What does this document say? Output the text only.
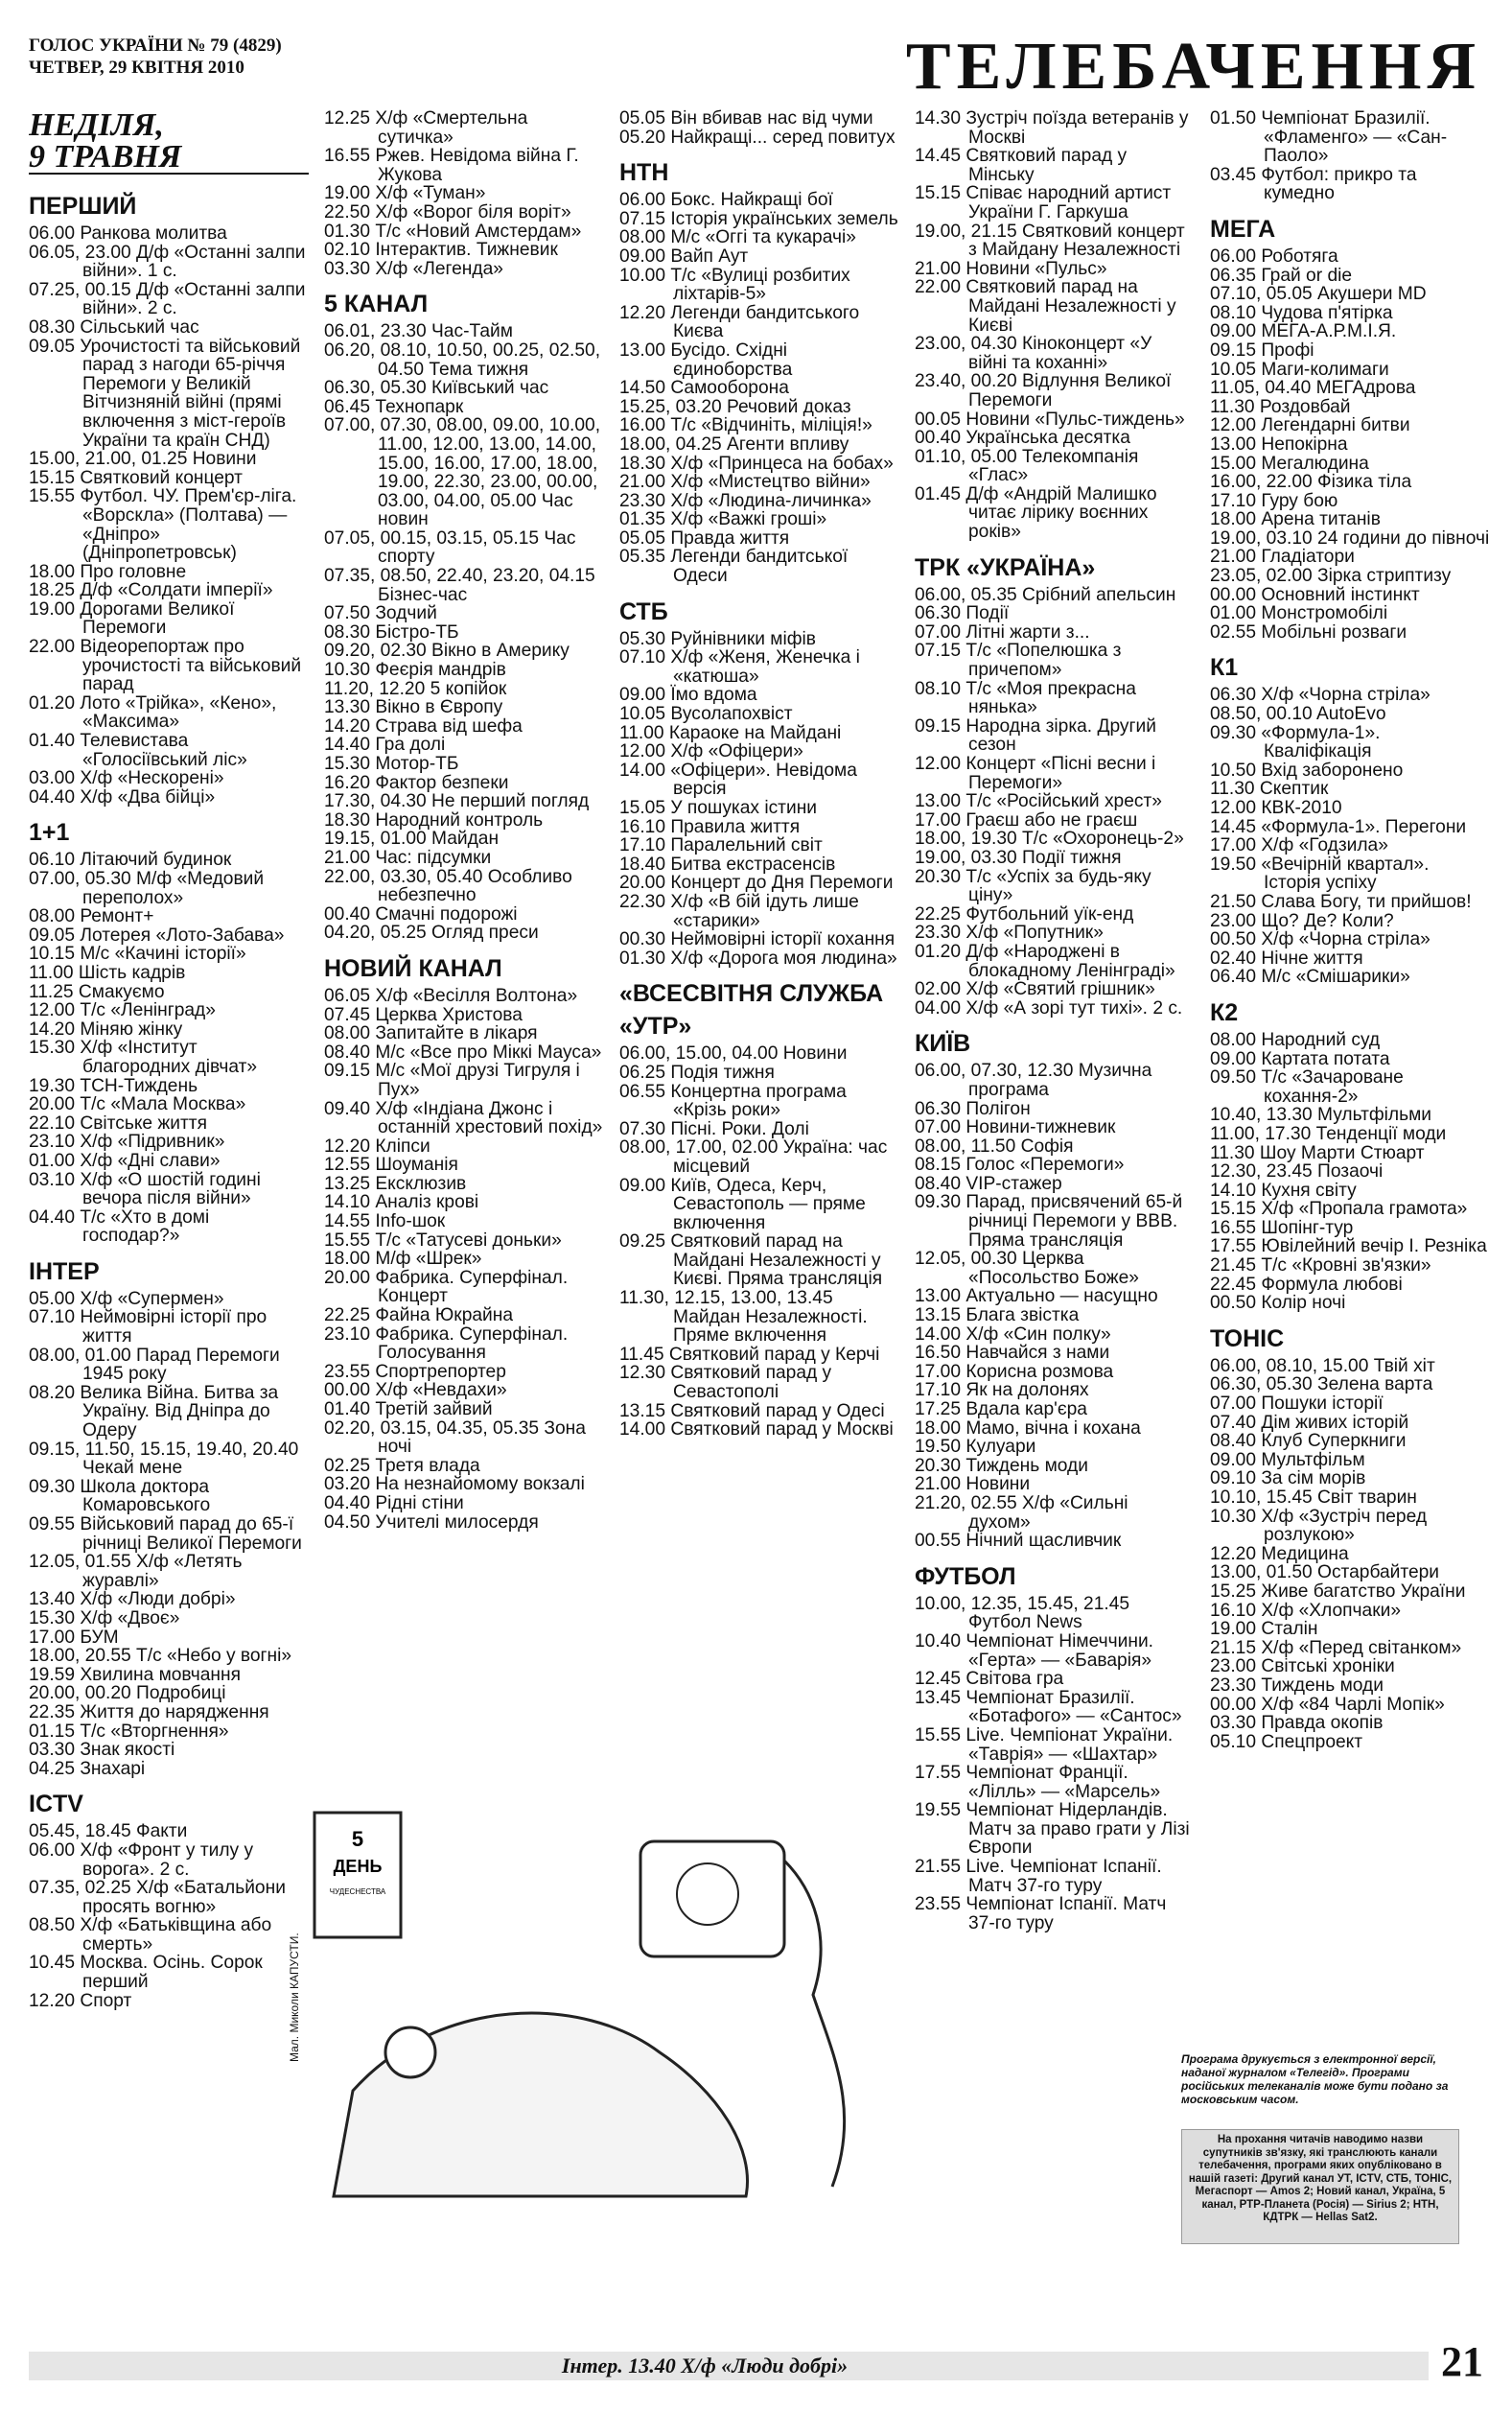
ГОЛОС УКРАЇНИ № 79 (4829)
ЧЕТВЕР, 29 КВІТНЯ 2010	ТЕЛЕБАЧЕННЯ
НЕДІЛЯ,
9 ТРАВНЯ
ПЕРШИЙ
06.00 Ранкова молитва
06.05, 23.00 Д/ф «Останні залпи війни». 1 с.
07.25, 00.15 Д/ф «Останні залпи війни». 2 с.
08.30 Сільський час
09.05 Урочистості та військовий парад з нагоди 65-річчя Перемоги у Великій Вітчизняній війні (прямі включення з міст-героїв України та країн СНД)
15.00, 21.00, 01.25 Новини
15.15 Святковий концерт
15.55 Футбол. ЧУ. Прем'єр-ліга. «Ворскла» (Полтава) — «Дніпро» (Дніпропетровськ)
18.00 Про головне
18.25 Д/ф «Солдати імперії»
19.00 Дорогами Великої Перемоги
22.00 Відеорепортаж про урочистості та військовий парад
01.20 Лото «Трійка», «Кено», «Максима»
01.40 Телевистава «Голосіївський ліс»
03.00 Х/ф «Нескорені»
04.40 Х/ф «Два бійці»
1+1
06.10 Літаючий будинок
07.00, 05.30 М/ф «Медовий переполох»
08.00 Ремонт+
09.05 Лотерея «Лото-Забава»
10.15 М/с «Качині історії»
11.00 Шість кадрів
11.25 Смакуємо
12.00 Т/с «Ленінград»
14.20 Міняю жінку
15.30 Х/ф «Інститут благородних дівчат»
19.30 ТСН-Тиждень
20.00 Т/с «Мала Москва»
22.10 Світське життя
23.10 Х/ф «Підривник»
01.00 Х/ф «Дні слави»
03.10 Х/ф «О шостій годині вечора після війни»
04.40 Т/с «Хто в домі господар?»
ІНТЕР
05.00 Х/ф «Супермен»
07.10 Неймовірні історії про життя
08.00, 01.00 Парад Перемоги 1945 року
08.20 Велика Війна. Битва за Україну. Від Дніпра до Одеру
09.15, 11.50, 15.15, 19.40, 20.40 Чекай мене
09.30 Школа доктора Комаровського
09.55 Військовий парад до 65-ї річниці Великої Перемоги
12.05, 01.55 Х/ф «Летять журавлі»
13.40 Х/ф «Люди добрі»
15.30 Х/ф «Двоє»
17.00 БУМ
18.00, 20.55 Т/с «Небо у вогні»
19.59 Хвилина мовчання
20.00, 00.20 Подробиці
22.35 Життя до нарядження
01.15 Т/с «Вторгнення»
03.30 Знак якості
04.25 Знахарі
ICTV
05.45, 18.45 Факти
06.00 Х/ф «Фронт у тилу у ворога». 2 с.
07.35, 02.25 Х/ф «Батальйони просять вогню»
08.50 Х/ф «Батьківщина або смерть»
10.45 Москва. Осінь. Сорок перший
12.20 Спорт
12.25 Х/ф «Смертельна сутичка»
16.55 Ржев. Невідома війна Г. Жукова
19.00 Х/ф «Туман»
22.50 Х/ф «Ворог біля воріт»
01.30 Т/с «Новий Амстердам»
02.10 Інтерактив. Тижневик
03.30 Х/ф «Легенда»
5 КАНАЛ
06.01, 23.30 Час-Тайм
06.20, 08.10, 10.50, 00.25, 02.50, 04.50 Тема тижня
06.30, 05.30 Київський час
06.45 Технопарк
07.00, 07.30, 08.00, 09.00, 10.00, 11.00, 12.00, 13.00, 14.00, 15.00, 16.00, 17.00, 18.00, 19.00, 22.30, 23.00, 00.00, 03.00, 04.00, 05.00 Час новин
07.05, 00.15, 03.15, 05.15 Час спорту
07.35, 08.50, 22.40, 23.20, 04.15 Бізнес-час
07.50 Зодчий
08.30 Бістро-ТБ
09.20, 02.30 Вікно в Америку
10.30 Феєрія мандрів
11.20, 12.20 5 копійок
13.30 Вікно в Європу
14.20 Страва від шефа
14.40 Гра долі
15.30 Мотор-ТБ
16.20 Фактор безпеки
17.30, 04.30 Не перший погляд
18.30 Народний контроль
19.15, 01.00 Майдан
21.00 Час: підсумки
22.00, 03.30, 05.40 Особливо небезпечно
00.40 Смачні подорожі
04.20, 05.25 Огляд преси
НОВИЙ КАНАЛ
06.05 Х/ф «Весілля Волтона»
07.45 Церква Христова
08.00 Запитайте в лікаря
08.40 М/с «Все про Міккі Мауса»
09.15 М/с «Мої друзі Тигруля і Пух»
09.40 Х/ф «Індіана Джонс і останній хрестовий похід»
12.20 Кліпси
12.55 Шоуманія
13.25 Ексклюзив
14.10 Аналіз крові
14.55 Info-шок
15.55 Т/с «Татусеві доньки»
18.00 М/ф «Шрек»
20.00 Фабрика. Суперфінал. Концерт
22.25 Файна Юкрайна
23.10 Фабрика. Суперфінал. Голосування
23.55 Спортрепортер
00.00 Х/ф «Невдахи»
01.40 Третій зайвий
02.20, 03.15, 04.35, 05.35 Зона ночі
02.25 Третя влада
03.20 На незнайомому вокзалі
04.40 Рідні стіни
04.50 Учителі милосердя
05.05 Він вбивав нас від чуми
05.20 Найкращі... серед повитух
НТН
06.00 Бокс. Найкращі бої
07.15 Історія українських земель
08.00 М/с «Оггі та кукарачі»
09.00 Вайп Аут
10.00 Т/с «Вулиці розбитих ліхтарів-5»
12.20 Легенди бандитського Києва
13.00 Бусідо. Східні єдиноборства
14.50 Самооборона
15.25, 03.20 Речовий доказ
16.00 Т/с «Відчиніть, міліція!»
18.00, 04.25 Агенти впливу
18.30 Х/ф «Принцеса на бобах»
21.00 Х/ф «Мистецтво війни»
23.30 Х/ф «Людина-личинка»
01.35 Х/ф «Важкі гроші»
05.05 Правда життя
05.35 Легенди бандитської Одеси
СТБ
05.30 Руйнівники міфів
07.10 Х/ф «Женя, Женечка і «катюша»
09.00 Їмо вдома
10.05 Вусолапохвіст
11.00 Караоке на Майдані
12.00 Х/ф «Офіцери»
14.00 «Офіцери». Невідома версія
15.05 У пошуках істини
16.10 Правила життя
17.10 Паралельний світ
18.40 Битва екстрасенсів
20.00 Концерт до Дня Перемоги
22.30 Х/ф «В бій ідуть лише «старики»
00.30 Неймовірні історії кохання
01.30 Х/ф «Дорога моя людина»
«ВСЕСВІТНЯ СЛУЖБА «УТР»
06.00, 15.00, 04.00 Новини
06.25 Подія тижня
06.55 Концертна програма «Крізь роки»
07.30 Пісні. Роки. Долі
08.00, 17.00, 02.00 Україна: час місцевий
09.00 Київ, Одеса, Керч, Севастополь — пряме включення
09.25 Святковий парад на Майдані Незалежності у Києві. Пряма трансляція
11.30, 12.15, 13.00, 13.45 Майдан Незалежності. Пряме включення
11.45 Святковий парад у Керчі
12.30 Святковий парад у Севастополі
13.15 Святковий парад у Одесі
14.00 Святковий парад у Москві
14.30 Зустріч поїзда ветеранів у Москві
14.45 Святковий парад у Мінську
15.15 Співає народний артист України Г. Гаркуша
19.00, 21.15 Святковий концерт з Майдану Незалежності
21.00 Новини «Пульс»
22.00 Святковий парад на Майдані Незалежності у Києві
23.00, 04.30 Кіноконцерт «У війні та коханні»
23.40, 00.20 Відлуння Великої Перемоги
00.05 Новини «Пульс-тиждень»
00.40 Українська десятка
01.10, 05.00 Телекомпанія «Глас»
01.45 Д/ф «Андрій Малишко читає лірику воєнних років»
ТРК «УКРАЇНА»
06.00, 05.35 Срібний апельсин
06.30 Події
07.00 Літні жарти з...
07.15 Т/с «Попелюшка з причепом»
08.10 Т/с «Моя прекрасна нянька»
09.15 Народна зірка. Другий сезон
12.00 Концерт «Пісні весни і Перемоги»
13.00 Т/с «Російський хрест»
17.00 Граєш або не граєш
18.00, 19.30 Т/с «Охоронець-2»
19.00, 03.30 Події тижня
20.30 Т/с «Успіх за будь-яку ціну»
22.25 Футбольний уїк-енд
23.30 Х/ф «Попутник»
01.20 Д/ф «Народжені в блокадному Ленінграді»
02.00 Х/ф «Святий грішник»
04.00 Х/ф «А зорі тут тихі». 2 с.
КИЇВ
06.00, 07.30, 12.30 Музична програма
06.30 Полігон
07.00 Новини-тижневик
08.00, 11.50 Софія
08.15 Голос «Перемоги»
08.40 VIP-стажер
09.30 Парад, присвячений 65-й річниці Перемоги у ВВВ. Пряма трансляція
12.05, 00.30 Церква «Посольство Боже»
13.00 Актуально — насущно
13.15 Блага звістка
14.00 Х/ф «Син полку»
16.50 Навчайся з нами
17.00 Корисна розмова
17.10 Як на долонях
17.25 Вдала кар'єра
18.00 Мамо, вічна і кохана
19.50 Кулуари
20.30 Тиждень моди
21.00 Новини
21.20, 02.55 Х/ф «Сильні духом»
00.55 Нічний щасливчик
ФУТБОЛ
10.00, 12.35, 15.45, 21.45 Футбол News
10.40 Чемпіонат Німеччини. «Герта» — «Баварія»
12.45 Світова гра
13.45 Чемпіонат Бразилії. «Ботафого» — «Сантос»
15.55 Live. Чемпіонат України. «Таврія» — «Шахтар»
17.55 Чемпіонат Франції. «Лілль» — «Марсель»
19.55 Чемпіонат Нідерландів. Матч за право грати у Лізі Європи
21.55 Live. Чемпіонат Іспанії. Матч 37-го туру
23.55 Чемпіонат Іспанії. Матч 37-го туру
01.50 Чемпіонат Бразилії. «Фламенго» — «Сан-Паоло»
03.45 Футбол: прикро та кумедно
МЕГА
06.00 Роботяга
06.35 Грай or die
07.10, 05.05 Акушери MD
08.10 Чудова п'ятірка
09.00 МЕГА-А.Р.М.І.Я.
09.15 Профі
10.05 Маги-колимаги
11.05, 04.40 МЕГАдрова
11.30 Роздовбай
12.00 Легендарні битви
13.00 Непокірна
15.00 Мегалюдина
16.00, 22.00 Фізика тіла
17.10 Гуру бою
18.00 Арена титанів
19.00, 03.10 24 години до півночі
21.00 Гладіатори
23.05, 02.00 Зірка стриптизу
00.00 Основний інстинкт
01.00 Монстромобілі
02.55 Мобільні розваги
К1
06.30 Х/ф «Чорна стріла»
08.50, 00.10 AutoEvo
09.30 «Формула-1». Кваліфікація
10.50 Вхід заборонено
11.30 Скептик
12.00 КВК-2010
14.45 «Формула-1». Перегони
17.00 Х/ф «Годзила»
19.50 «Вечірній квартал». Історія успіху
21.50 Слава Богу, ти прийшов!
23.00 Що? Де? Коли?
00.50 Х/ф «Чорна стріла»
02.40 Нічне життя
06.40 М/с «Смішарики»
К2
08.00 Народний суд
09.00 Картата потата
09.50 Т/с «Зачароване кохання-2»
10.40, 13.30 Мультфільми
11.00, 17.30 Тенденції моди
11.30 Шоу Марти Стюарт
12.30, 23.45 Позаочі
14.10 Кухня світу
15.15 Х/ф «Пропала грамота»
16.55 Шопінг-тур
17.55 Ювілейний вечір І. Резніка
21.45 Т/с «Кровні зв'язки»
22.45 Формула любові
00.50 Колір ночі
ТОНІС
06.00, 08.10, 15.00 Твій хіт
06.30, 05.30 Зелена варта
07.00 Пошуки історії
07.40 Дім живих історій
08.40 Клуб Суперкниги
09.00 Мультфільм
09.10 За сім морів
10.10, 15.45 Світ тварин
10.30 Х/ф «Зустріч перед розлукою»
12.20 Медицина
13.00, 01.50 Остарбайтери
15.25 Живе багатство України
16.10 Х/ф «Хлопчаки»
19.00 Сталін
21.15 Х/ф «Перед світанком»
23.00 Світські хроніки
23.30 Тиждень моди
00.00 Х/ф «84 Чарлі Мопік»
03.30 Правда окопів
05.10 Спецпроект
5
ДЕНЬ
ЧУДЕСНЕСТВА
Мал. Миколи КАПУСТИ.	Програма друкується з електронної версії, наданої журналом «Телегід». Програми російських телеканалів може бути подано за московським часом.
На прохання читачів наводимо назви супутників зв'язку, які транслюють канали телебачення, програми яких опубліковано в нашій газеті: Другий канал УТ, ICTV, СТБ, ТОНІС, Мегаспорт — Amos 2; Новий канал, Україна, 5 канал, РТР-Планета (Росія) — Sirius 2; НТН, КДТРК — Hellas Sat2.
Інтер. 13.40 Х/ф «Люди добрі»	21
